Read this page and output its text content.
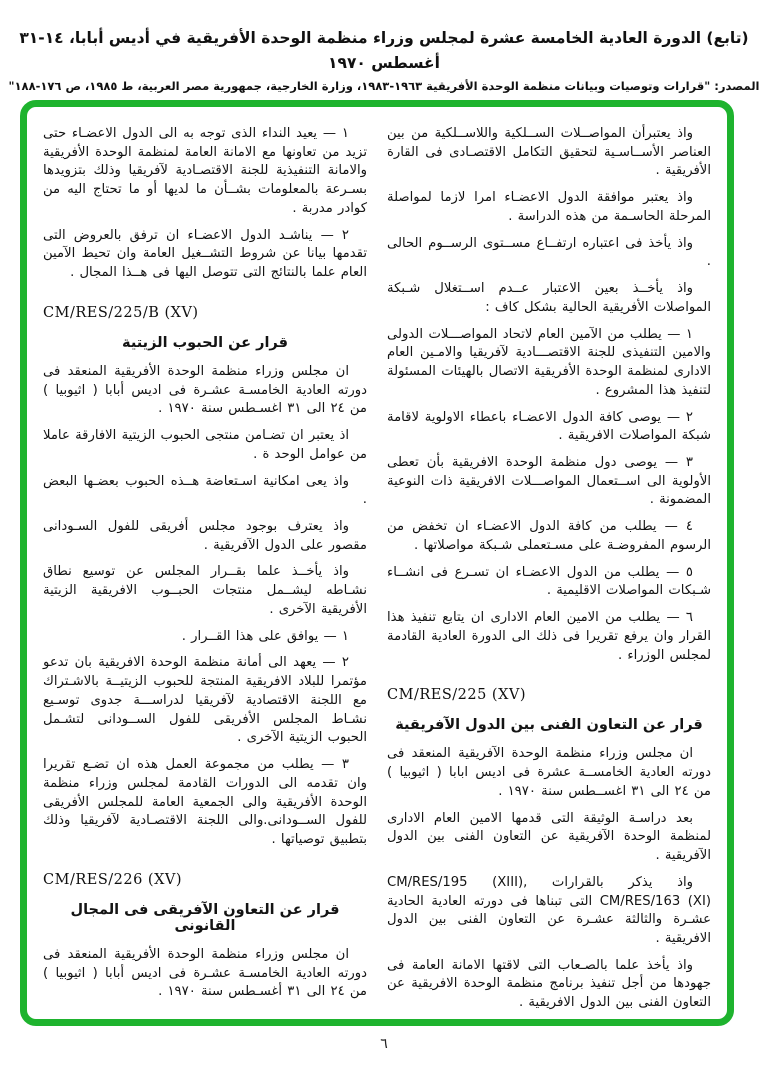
(تابع) الدورة العادية الخامسة عشرة لمجلس وزراء منظمة الوحدة الأفريقية في أديس أبابا، ١٤-٣١ أغسطس ١٩٧٠
المصدر: "قرارات وتوصيات وبيانات منظمة الوحدة الأفريقية ١٩٦٣-١٩٨٣، وزارة الخارجية، جمهورية مصر العربية، ط ١٩٨٥، ص ١٧٦-١٨٨"

واذ يعتبرأن المواصــلات الســلكية واللاســلكية من بين العناصر الأســاسـية لتحقيق التكامل الاقتصـادى فى القارة الأفريقية .

واذ يعتبر موافقة الدول الاعضـاء امرا لازما لمواصلة المرحلة الحاسـمة من هذه الدراسة .

واذ يأخذ فى اعتباره ارتفــاع مســتوى الرســوم الحالى .

واذ يأخــذ بعين الاعتبار عــدم اســتغلال شـبكة المواصلات الأفريقية الحالية بشكل كاف :

١ — يطلب من الآمين العام لاتحاد المواصـــلات الدولى والامين التنفيذى للجنة الاقتصـــادية لآفريقيا والامـين العام الادارى لمنظمة الوحدة الأفريقية الاتصال بالهيئات المسئولة لتنفيذ هذا المشروع .

٢ — يوصى كافة الدول الاعضـاء باعطاء الاولوية لاقامة شبكة المواصلات الافريقية .

٣ — يوصى دول منظمة الوحدة الافريقية بأن تعطى الأولوية الى اســتعمال المواصـــلات الافريقية ذات النوعية المضمونة .

٤ — يطلب من كافة الدول الاعضـاء ان تخفض من الرسوم المفروضـة على مسـتعملى شـبكة مواصلاتها .

٥ — يطلب من الدول الاعضـاء ان تسـرع فى انشــاء شـبكات المواصلات الاقليمية .

٦ — يطلب من الامين العام الادارى ان يتابع تنفيذ هذا القرار وان يرفع تقريرا فى ذلك الى الدورة العادية القادمة لمجلس الوزراء .

CM/RES/225 (XV)
قرار عن التعاون الفنى بين الدول الآفريقية

ان مجلس وزراء منظمة الوحدة الآفريقية المنعقد فى دورته العادية الخامســة عشرة فى اديس ابابا ( اثيوبيا ) من ٢٤ الى ٣١ اغســطس سنة ١٩٧٠ .

بعد دراسـة الوثيقة التى قدمها الامين العام الادارى لمنظمة الوحدة الآفريقية عن التعاون الفنى بين الدول الآفريقية .

واذ يذكر بالقرارات ‎CM/RES/195 (XIII),‎ ‎CM/RES/163 (XI)‎ التى تبناها فى دورته العادية الحادية عشـرة والثالثة عشـرة عن التعاون الفنى بين الدول الافريقية .

واذ يأخذ علما بالصـعاب التى لاقتها الامانة العامة فى جهودها من أجل تنفيذ برنامج منظمة الوحدة الافريقية عن التعاون الفنى بين الدول الافريقية .

١ — يعيد النداء الذى توجه به الى الدول الاعضـاء حتى تزيد من تعاونها مع الامانة العامة لمنظمة الوحدة الأفريقية والامانة التنفيذية للجنة الاقتصـادية لآفريقيا وذلك بتزويدها بسـرعة بالمعلومات بشــأن ما لديها أو ما تحتاج اليه من كوادر مدربة .

٢ — يناشـد الدول الاعضـاء ان ترفق بالعروض التى تقدمها بيانا عن شروط التشــغيل العامة وان تحيط الآمين العام علما بالنتائج التى تتوصل اليها فى هــذا المجال .

CM/RES/225/B (XV)
قرار عن الحبوب الزيتية

ان مجلس وزراء منظمة الوحدة الأفريقية المنعقد فى دورته العادية الخامسـة عشـرة فى اديس أبابا ( اثيوبيا ) من ٢٤ الى ٣١ اغسـطس سنة ١٩٧٠ .

اذ يعتبر ان تضـامن منتجى الحبوب الزيتية الافارقة عاملا من عوامل الوحد ة .

واذ يعى امكانية اسـتعاضة هــذه الحبوب بعضـها البعض .

واذ يعترف بوجود مجلس أفريقى للفول السـودانى مقصور على الدول الآفريقية .

واذ يأخــذ علما بقــرار المجلس عن توسيع نطاق نشـاطه ليشــمل منتجات الحبــوب الافريقية الزيتية الأفريقية الآخرى .

١ — يوافق على هذا القــرار .

٢ — يعهد الى أمانة منظمة الوحدة الافريقية بان تدعو مؤتمرا للبلاد الافريقية المنتجة للحبوب الزيتيــة بالاشـتراك مع اللجنة الاقتصادية لآفريقيا لدراســـة جدوى توسـيع نشـاط المجلس الأفريقى للفول الســودانى لتشـمل الحبوب الزيتية الآخرى .

٣ — يطلب من مجموعة العمل هذه ان تضـع تقريرا وان تقدمه الى الدورات القادمة لمجلس وزراء منظمة الوحدة الأفريقية والى الجمعية العامة للمجلس الأفريقى للفول الســودانى.والى اللجنة الاقتصـادية لآفريقيا وذلك بتطبيق توصياتها .

CM/RES/226 (XV)
قرار عن التعاون الآفريقى فى المجال القانونى

ان مجلس وزراء منظمة الوحدة الأفريقية المنعقد فى دورته العادية الخامسـة عشـرة فى اديس أبابا ( اثيوبيا ) من ٢٤ الى ٣١ أغسـطس سنة ١٩٧٠ .

٦
